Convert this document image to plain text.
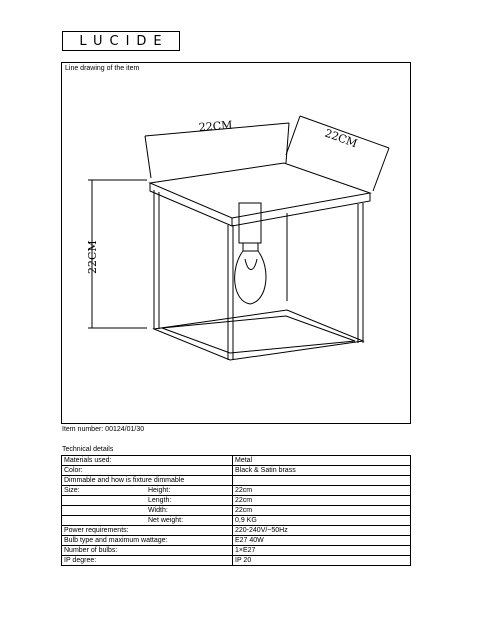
LUCIDE
Line drawing of the item
22CM
22CM
22CM
Item number: 00124/01/30
Technical details
Materials used:	Metal
Color:	Black & Satin brass
Dimmable and how is fixture dimmable	
Size: Height:	22cm
Length:	22cm
Width:	22cm
Net weight:	0,9 KG
Power requirements:	220-240V/~50Hz
Bulb type and maximum wattage:	E27 40W
Number of bulbs:	1×E27
IP degree:	IP 20
